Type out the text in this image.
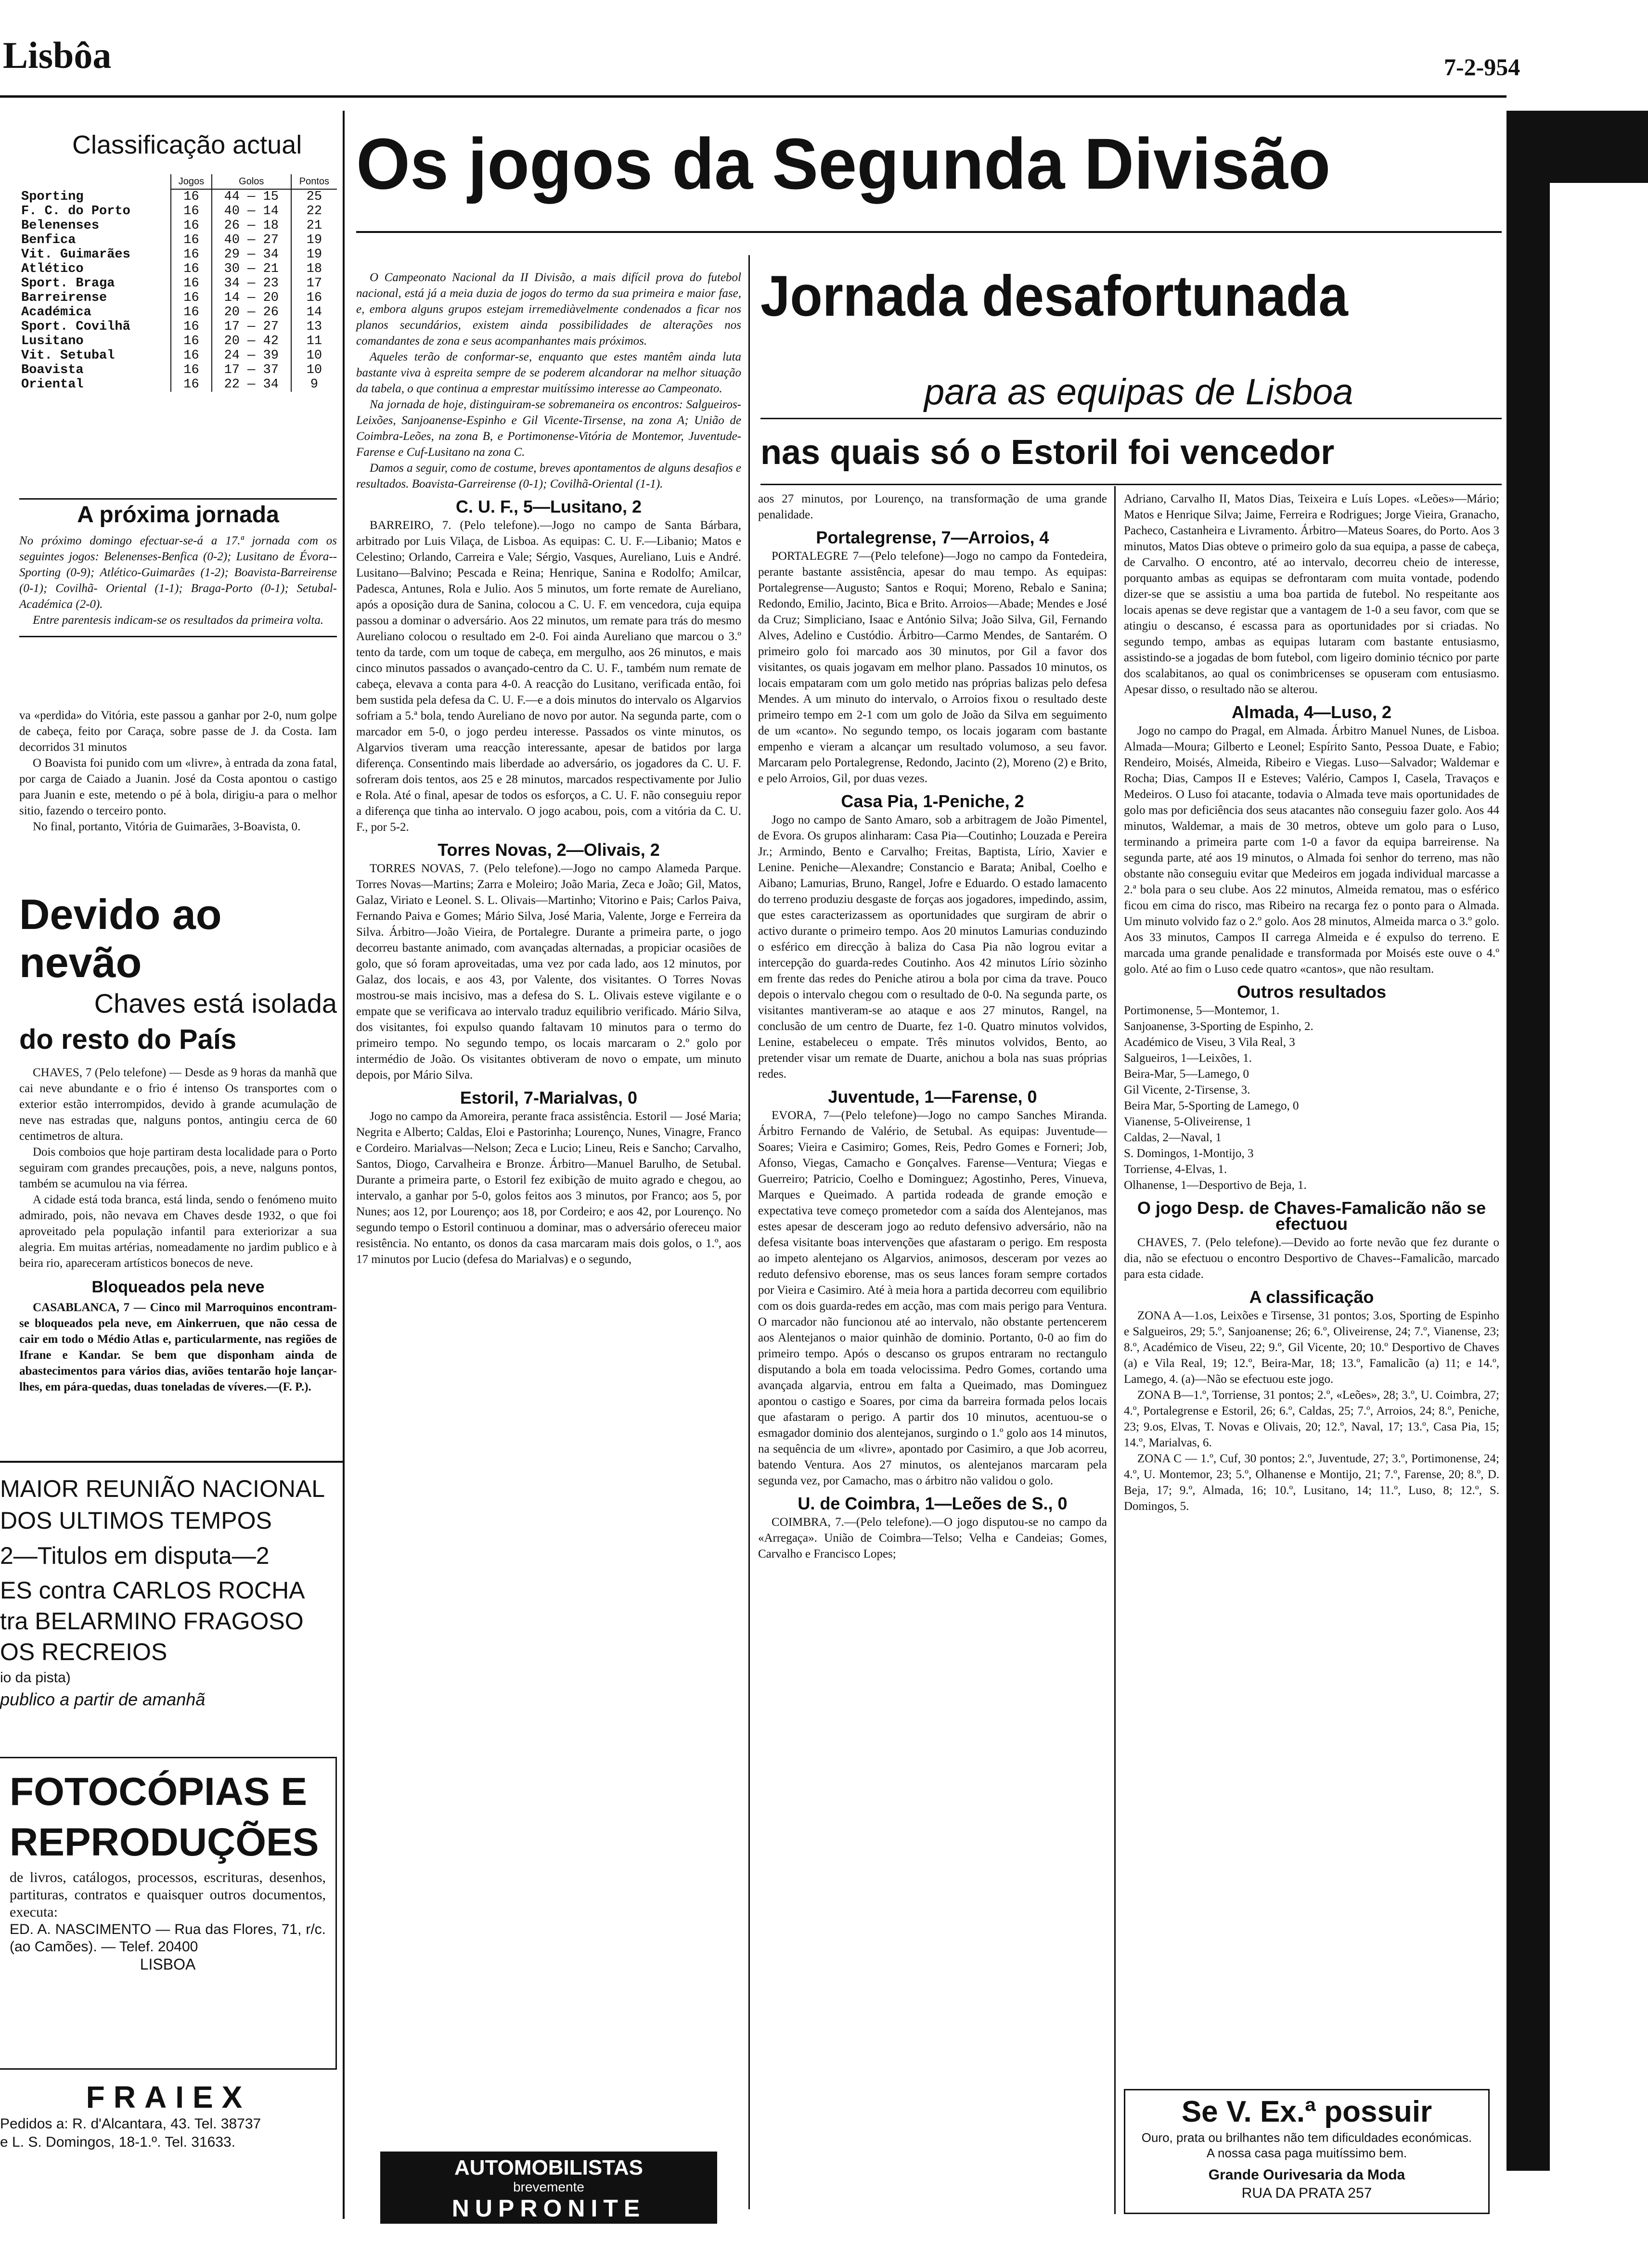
Lisbôa	7-2-954
Classificação actual
	Jogos	Golos	Pontos
Sporting	16	44 — 15	25
F. C. do Porto	16	40 — 14	22
Belenenses	16	26 — 18	21
Benfica	16	40 — 27	19
Vit. Guimarães	16	29 — 34	19
Atlético	16	30 — 21	18
Sport. Braga	16	34 — 23	17
Barreirense	16	14 — 20	16
Académica	16	20 — 26	14
Sport. Covilhã	16	17 — 27	13
Lusitano	16	20 — 42	11
Vit. Setubal	16	24 — 39	10
Boavista	16	17 — 37	10
Oriental	16	22 — 34	9
A próxima jornada
No próximo domingo efectuar-se-á a 17.ª jornada com os seguintes jogos: Belenenses-Benfica (0-2); Lusitano de Évora--Sporting (0-9); Atlético-Guimarães (1-2); Boavista-Barreirense (0-1); Covilhã- Oriental (1-1); Braga-Porto (0-1); Setubal-Académica (2-0).
Entre parentesis indicam-se os resultados da primeira volta.

va «perdida» do Vitória, este passou a ganhar por 2-0, num golpe de cabeça, feito por Caraça, sobre passe de J. da Costa. Iam decorridos 31 minutos

O Boavista foi punido com um «livre», à entrada da zona fatal, por carga de Caiado a Juanin. José da Costa apontou o castigo para Juanin e este, metendo o pé à bola, dirigiu-a para o melhor sitio, fazendo o terceiro ponto.

No final, portanto, Vitória de Guimarães, 3-Boavista, 0.

Devido ao nevão
Chaves está isolada
do resto do País

CHAVES, 7 (Pelo telefone) — Desde as 9 horas da manhã que cai neve abundante e o frio é intenso Os transportes com o exterior estão interrompidos, devido à grande acumulação de neve nas estradas que, nalguns pontos, antingiu cerca de 60 centimetros de altura.

Dois comboios que hoje partiram desta localidade para o Porto seguiram com grandes precauções, pois, a neve, nalguns pontos, também se acumulou na via férrea.

A cidade está toda branca, está linda, sendo o fenómeno muito admirado, pois, não nevava em Chaves desde 1932, o que foi aproveitado pela população infantil para exteriorizar a sua alegria. Em muitas artérias, nomeadamente no jardim publico e à beira rio, apareceram artísticos bonecos de neve.

Bloqueados pela neve

CASABLANCA, 7 — Cinco mil Marroquinos encontram-se bloqueados pela neve, em Ainkerruen, que não cessa de cair em todo o Médio Atlas e, particularmente, nas regiões de Ifrane e Kandar. Se bem que disponham ainda de abastecimentos para vários dias, aviões tentarão hoje lançar-lhes, em pára-quedas, duas toneladas de víveres.—(F. P.).

MAIOR REUNIÃO NACIONAL
DOS ULTIMOS TEMPOS
2—Titulos em disputa—2
ES contra CARLOS ROCHA
tra BELARMINO FRAGOSO
OS RECREIOS
io da pista)
publico a partir de amanhã
FOTOCÓPIAS E
REPRODUÇÕES
de livros, catálogos, processos, escrituras, desenhos, partituras, contratos e quaisquer outros documentos, executa:
ED. A. NASCIMENTO — Rua das Flores, 71, r/c. (ao Camões). — Telef. 20400
LISBOA
FRAIEX
Pedidos a: R. d'Alcantara, 43. Tel. 38737
e L. S. Domingos, 18-1.º. Tel. 31633.
Os jogos da Segunda Divisão
Jornada desafortunada
para as equipas de Lisboa
nas quais só o Estoril foi vencedor

O Campeonato Nacional da II Divisão, a mais difícil prova do futebol nacional, está já a meia duzia de jogos do termo da sua primeira e maior fase, e, embora alguns grupos estejam irremediàvelmente condenados a ficar nos planos secundários, existem ainda possibilidades de alterações nos comandantes de zona e seus acompanhantes mais próximos.

Aqueles terão de conformar-se, enquanto que estes mantêm ainda luta bastante viva à espreita sempre de se poderem alcandorar na melhor situação da tabela, o que continua a emprestar muitíssimo interesse ao Campeonato.

Na jornada de hoje, distinguiram-se sobremaneira os encontros: Salgueiros-Leixões, Sanjoanense-Espinho e Gil Vicente-Tirsense, na zona A; União de Coimbra-Leões, na zona B, e Portimonense-Vitória de Montemor, Juventude-Farense e Cuf-Lusitano na zona C.

Damos a seguir, como de costume, breves apontamentos de alguns desafios e resultados. Boavista-Garreirense (0-1); Covilhã-Oriental (1-1).

C. U. F., 5—Lusitano, 2

BARREIRO, 7. (Pelo telefone).—Jogo no campo de Santa Bárbara, arbitrado por Luis Vilaça, de Lisboa. As equipas: C. U. F.—Libanio; Matos e Celestino; Orlando, Carreira e Vale; Sérgio, Vasques, Aureliano, Luis e André. Lusitano—Balvino; Pescada e Reina; Henrique, Sanina e Rodolfo; Amilcar, Padesca, Antunes, Rola e Julio. Aos 5 minutos, um forte remate de Aureliano, após a oposição dura de Sanina, colocou a C. U. F. em vencedora, cuja equipa passou a dominar o adversário. Aos 22 minutos, um remate para trás do mesmo Aureliano colocou o resultado em 2-0. Foi ainda Aureliano que marcou o 3.º tento da tarde, com um toque de cabeça, em mergulho, aos 26 minutos, e mais cinco minutos passados o avançado-centro da C. U. F., também num remate de cabeça, elevava a conta para 4-0. A reacção do Lusitano, verificada então, foi bem sustida pela defesa da C. U. F.—e a dois minutos do intervalo os Algarvios sofriam a 5.ª bola, tendo Aureliano de novo por autor. Na segunda parte, com o marcador em 5-0, o jogo perdeu interesse. Passados os vinte minutos, os Algarvios tiveram uma reacção interessante, apesar de batidos por larga diferença. Consentindo mais liberdade ao adversário, os jogadores da C. U. F. sofreram dois tentos, aos 25 e 28 minutos, marcados respectivamente por Julio e Rola. Até o final, apesar de todos os esforços, a C. U. F. não conseguiu repor a diferença que tinha ao intervalo. O jogo acabou, pois, com a vitória da C. U. F., por 5-2.

Torres Novas, 2—Olivais, 2

TORRES NOVAS, 7. (Pelo telefone).—Jogo no campo Alameda Parque. Torres Novas—Martins; Zarra e Moleiro; João Maria, Zeca e João; Gil, Matos, Galaz, Viriato e Leonel. S. L. Olivais—Martinho; Vitorino e Pais; Carlos Paiva, Fernando Paiva e Gomes; Mário Silva, José Maria, Valente, Jorge e Ferreira da Silva. Árbitro—João Vieira, de Portalegre. Durante a primeira parte, o jogo decorreu bastante animado, com avançadas alternadas, a propiciar ocasiões de golo, que só foram aproveitadas, uma vez por cada lado, aos 12 minutos, por Galaz, dos locais, e aos 43, por Valente, dos visitantes. O Torres Novas mostrou-se mais incisivo, mas a defesa do S. L. Olivais esteve vigilante e o empate que se verificava ao intervalo traduz equilibrio verificado. Mário Silva, dos visitantes, foi expulso quando faltavam 10 minutos para o termo do primeiro tempo. No segundo tempo, os locais marcaram o 2.º golo por intermédio de João. Os visitantes obtiveram de novo o empate, um minuto depois, por Mário Silva.

Estoril, 7-Marialvas, 0

Jogo no campo da Amoreira, perante fraca assistência. Estoril — José Maria; Negrita e Alberto; Caldas, Eloi e Pastorinha; Lourenço, Nunes, Vinagre, Franco e Cordeiro. Marialvas—Nelson; Zeca e Lucio; Lineu, Reis e Sancho; Carvalho, Santos, Diogo, Carvalheira e Bronze. Árbitro—Manuel Barulho, de Setubal. Durante a primeira parte, o Estoril fez exibição de muito agrado e chegou, ao intervalo, a ganhar por 5-0, golos feitos aos 3 minutos, por Franco; aos 5, por Nunes; aos 12, por Lourenço; aos 18, por Cordeiro; e aos 42, por Lourenço. No segundo tempo o Estoril continuou a dominar, mas o adversário ofereceu maior resistência. No entanto, os donos da casa marcaram mais dois golos, o 1.º, aos 17 minutos por Lucio (defesa do Marialvas) e o segundo,

AUTOMOBILISTAS
brevemente
NUPRONITE

aos 27 minutos, por Lourenço, na transformação de uma grande penalidade.

Portalegrense, 7—Arroios, 4

PORTALEGRE 7—(Pelo telefone)—Jogo no campo da Fontedeira, perante bastante assistência, apesar do mau tempo. As equipas: Portalegrense—Augusto; Santos e Roqui; Moreno, Rebalo e Sanina; Redondo, Emilio, Jacinto, Bica e Brito. Arroios—Abade; Mendes e José da Cruz; Simpliciano, Isaac e António Silva; João Silva, Gil, Fernando Alves, Adelino e Custódio. Árbitro—Carmo Mendes, de Santarém. O primeiro golo foi marcado aos 30 minutos, por Gil a favor dos visitantes, os quais jogavam em melhor plano. Passados 10 minutos, os locais empataram com um golo metido nas próprias balizas pelo defesa Mendes. A um minuto do intervalo, o Arroios fixou o resultado deste primeiro tempo em 2-1 com um golo de João da Silva em seguimento de um «canto». No segundo tempo, os locais jogaram com bastante empenho e vieram a alcançar um resultado volumoso, a seu favor. Marcaram pelo Portalegrense, Redondo, Jacinto (2), Moreno (2) e Brito, e pelo Arroios, Gil, por duas vezes.

Casa Pia, 1-Peniche, 2

Jogo no campo de Santo Amaro, sob a arbitragem de João Pimentel, de Evora. Os grupos alinharam: Casa Pia—Coutinho; Louzada e Pereira Jr.; Armindo, Bento e Carvalho; Freitas, Baptista, Lírio, Xavier e Lenine. Peniche—Alexandre; Constancio e Barata; Anibal, Coelho e Aibano; Lamurias, Bruno, Rangel, Jofre e Eduardo. O estado lamacento do terreno produziu desgaste de forças aos jogadores, impedindo, assim, que estes caracterizassem as oportunidades que surgiram de abrir o activo durante o primeiro tempo. Aos 20 minutos Lamurias conduzindo o esférico em direcção à baliza do Casa Pia não logrou evitar a intercepção do guarda-redes Coutinho. Aos 42 minutos Lírio sòzinho em frente das redes do Peniche atirou a bola por cima da trave. Pouco depois o intervalo chegou com o resultado de 0-0. Na segunda parte, os visitantes mantiveram-se ao ataque e aos 27 minutos, Rangel, na conclusão de um centro de Duarte, fez 1-0. Quatro minutos volvidos, Lenine, estabeleceu o empate. Três minutos volvidos, Bento, ao pretender visar um remate de Duarte, anichou a bola nas suas próprias redes.

Juventude, 1—Farense, 0

EVORA, 7—(Pelo telefone)—Jogo no campo Sanches Miranda. Árbitro Fernando de Valério, de Setubal. As equipas: Juventude—Soares; Vieira e Casimiro; Gomes, Reis, Pedro Gomes e Forneri; Job, Afonso, Viegas, Camacho e Gonçalves. Farense—Ventura; Viegas e Guerreiro; Patricio, Coelho e Dominguez; Agostinho, Peres, Vinueva, Marques e Queimado. A partida rodeada de grande emoção e expectativa teve começo prometedor com a saída dos Alentejanos, mas estes apesar de desceram jogo ao reduto defensivo adversário, não na defesa visitante boas intervenções que afastaram o perigo. Em resposta ao impeto alentejano os Algarvios, animosos, desceram por vezes ao reduto defensivo eborense, mas os seus lances foram sempre cortados por Vieira e Casimiro. Até à meia hora a partida decorreu com equilibrio com os dois guarda-redes em acção, mas com mais perigo para Ventura. O marcador não funcionou até ao intervalo, não obstante pertencerem aos Alentejanos o maior quinhão de dominio. Portanto, 0-0 ao fim do primeiro tempo. Após o descanso os grupos entraram no rectangulo disputando a bola em toada velocissima. Pedro Gomes, cortando uma avançada algarvia, entrou em falta a Queimado, mas Dominguez apontou o castigo e Soares, por cima da barreira formada pelos locais que afastaram o perigo. A partir dos 10 minutos, acentuou-se o esmagador dominio dos alentejanos, surgindo o 1.º golo aos 14 minutos, na sequência de um «livre», apontado por Casimiro, a que Job acorreu, batendo Ventura. Aos 27 minutos, os alentejanos marcaram pela segunda vez, por Camacho, mas o árbitro não validou o golo.

U. de Coimbra, 1—Leões de S., 0

COIMBRA, 7.—(Pelo telefone).—O jogo disputou-se no campo da «Arregaça». União de Coimbra—Telso; Velha e Candeias; Gomes, Carvalho e Francisco Lopes;

Adriano, Carvalho II, Matos Dias, Teixeira e Luís Lopes. «Leões»—Mário; Matos e Henrique Silva; Jaime, Ferreira e Rodrigues; Jorge Vieira, Granacho, Pacheco, Castanheira e Livramento. Árbitro—Mateus Soares, do Porto. Aos 3 minutos, Matos Dias obteve o primeiro golo da sua equipa, a passe de cabeça, de Carvalho. O encontro, até ao intervalo, decorreu cheio de interesse, porquanto ambas as equipas se defrontaram com muita vontade, podendo dizer-se que se assistiu a uma boa partida de futebol. No respeitante aos locais apenas se deve registar que a vantagem de 1-0 a seu favor, com que se atingiu o descanso, é escassa para as oportunidades por si criadas. No segundo tempo, ambas as equipas lutaram com bastante entusiasmo, assistindo-se a jogadas de bom futebol, com ligeiro dominio técnico por parte dos scalabitanos, ao qual os conimbricenses se opuseram com entusiasmo. Apesar disso, o resultado não se alterou.

Almada, 4—Luso, 2

Jogo no campo do Pragal, em Almada. Árbitro Manuel Nunes, de Lisboa. Almada—Moura; Gilberto e Leonel; Espírito Santo, Pessoa Duate, e Fabio; Rendeiro, Moisés, Almeida, Ribeiro e Viegas. Luso—Salvador; Waldemar e Rocha; Dias, Campos II e Esteves; Valério, Campos I, Casela, Travaços e Medeiros. O Luso foi atacante, todavia o Almada teve mais oportunidades de golo mas por deficiência dos seus atacantes não conseguiu fazer golo. Aos 44 minutos, Waldemar, a mais de 30 metros, obteve um golo para o Luso, terminando a primeira parte com 1-0 a favor da equipa barreirense. Na segunda parte, até aos 19 minutos, o Almada foi senhor do terreno, mas não obstante não conseguiu evitar que Medeiros em jogada individual marcasse a 2.ª bola para o seu clube. Aos 22 minutos, Almeida rematou, mas o esférico ficou em cima do risco, mas Ribeiro na recarga fez o ponto para o Almada. Um minuto volvido faz o 2.º golo. Aos 28 minutos, Almeida marca o 3.º golo. Aos 33 minutos, Campos II carrega Almeida e é expulso do terreno. E marcada uma grande penalidade e transformada por Moisés este ouve o 4.º golo. Até ao fim o Luso cede quatro «cantos», que não resultam.

Outros resultados
Portimonense, 5—Montemor, 1.
Sanjoanense, 3-Sporting de Espinho, 2.
Académico de Viseu, 3 Vila Real, 3
Salgueiros, 1—Leixões, 1.
Beira-Mar, 5—Lamego, 0
Gil Vicente, 2-Tirsense, 3.
Beira Mar, 5-Sporting de Lamego, 0
Vianense, 5-Oliveirense, 1
Caldas, 2—Naval, 1
S. Domingos, 1-Montijo, 3
Torriense, 4-Elvas, 1.
Olhanense, 1—Desportivo de Beja, 1.
O jogo Desp. de Chaves-Famalicão não se efectuou

CHAVES, 7. (Pelo telefone).—Devido ao forte nevão que fez durante o dia, não se efectuou o encontro Desportivo de Chaves--Famalicão, marcado para esta cidade.

A classificação

ZONA A—1.os, Leixões e Tirsense, 31 pontos; 3.os, Sporting de Espinho e Salgueiros, 29; 5.º, Sanjoanense; 26; 6.º, Oliveirense, 24; 7.º, Vianense, 23; 8.º, Académico de Viseu, 22; 9.º, Gil Vicente, 20; 10.º Desportivo de Chaves (a) e Vila Real, 19; 12.º, Beira-Mar, 18; 13.º, Famalicão (a) 11; e 14.º, Lamego, 4. (a)—Não se efectuou este jogo.

ZONA B—1.º, Torriense, 31 pontos; 2.º, «Leões», 28; 3.º, U. Coimbra, 27; 4.º, Portalegrense e Estoril, 26; 6.º, Caldas, 25; 7.º, Arroios, 24; 8.º, Peniche, 23; 9.os, Elvas, T. Novas e Olivais, 20; 12.º, Naval, 17; 13.º, Casa Pia, 15; 14.º, Marialvas, 6.

ZONA C — 1.º, Cuf, 30 pontos; 2.º, Juventude, 27; 3.º, Portimonense, 24; 4.º, U. Montemor, 23; 5.º, Olhanense e Montijo, 21; 7.º, Farense, 20; 8.º, D. Beja, 17; 9.º, Almada, 16; 10.º, Lusitano, 14; 11.º, Luso, 8; 12.º, S. Domingos, 5.

Se V. Ex.ª possuir
Ouro, prata ou brilhantes não tem dificuldades económicas.
A nossa casa paga muitíssimo bem.
Grande Ourivesaria da Moda
RUA DA PRATA 257
